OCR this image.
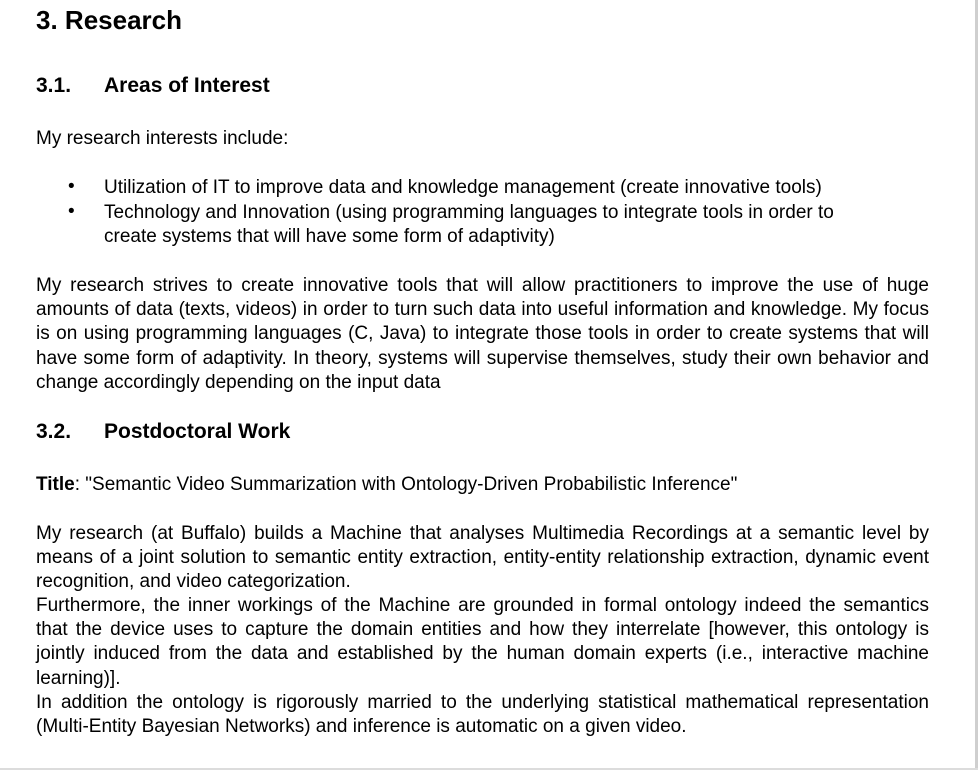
3. Research
3.1. Areas of Interest
My research interests include:
• Utilization of IT to improve data and knowledge management (create innovative tools)
• Technology and Innovation (using programming languages to integrate tools in order to
create systems that will have some form of adaptivity)
My research strives to create innovative tools that will allow practitioners to improve the use of huge amounts of data (texts, videos) in order to turn such data into useful information and knowledge. My focus is on using programming languages (C, Java) to integrate those tools in order to create systems that will have some form of adaptivity. In theory, systems will supervise themselves, study their own behavior and change accordingly depending on the input data
3.2. Postdoctoral Work
Title: "Semantic Video Summarization with Ontology-Driven Probabilistic Inference"
My research (at Buffalo) builds a Machine that analyses Multimedia Recordings at a semantic level by means of a joint solution to semantic entity extraction, entity-entity relationship extraction, dynamic event recognition, and video categorization.
Furthermore, the inner workings of the Machine are grounded in formal ontology indeed the semantics that the device uses to capture the domain entities and how they interrelate [however, this ontology is jointly induced from the data and established by the human domain experts (i.e., interactive machine learning)].
In addition the ontology is rigorously married to the underlying statistical mathematical representation (Multi-Entity Bayesian Networks) and inference is automatic on a given video.
